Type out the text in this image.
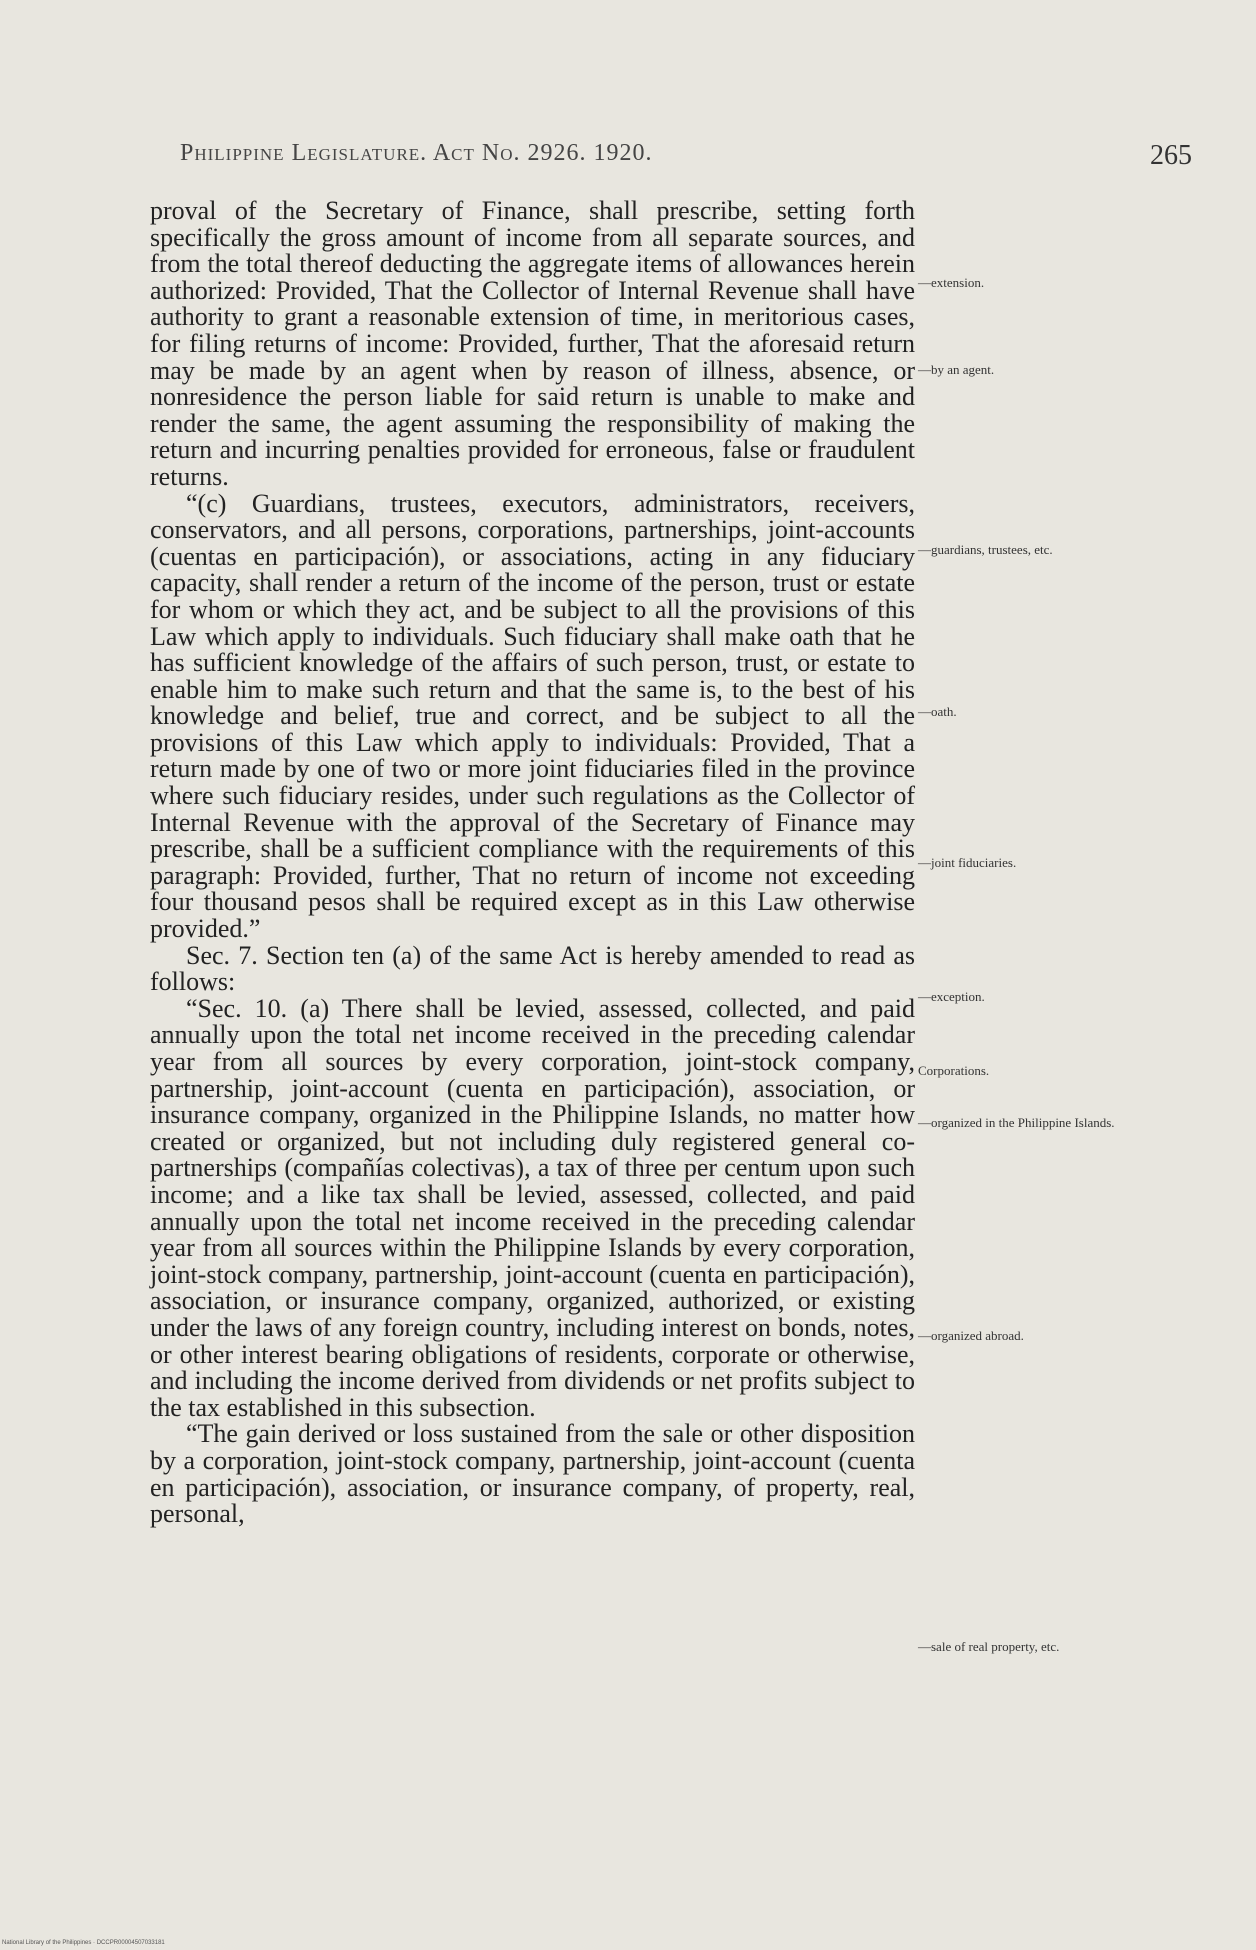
Philippine Legislature. Act No. 2926. 1920.	265

proval of the Secretary of Finance, shall prescribe, setting forth specifically the gross amount of income from all separate sources, and from the total thereof deducting the aggregate items of allowances herein authorized: Provided, That the Collector of Internal Revenue shall have authority to grant a reasonable extension of time, in meritorious cases, for filing returns of income: Provided, further, That the aforesaid return may be made by an agent when by reason of illness, absence, or nonresidence the person liable for said return is unable to make and render the same, the agent assuming the responsibility of making the return and incurring penalties provided for erroneous, false or fraudulent returns.

“(c) Guardians, trustees, executors, administrators, receivers, conservators, and all persons, corporations, partnerships, joint-accounts (cuentas en participación), or associations, acting in any fiduciary capacity, shall render a return of the income of the person, trust or estate for whom or which they act, and be subject to all the provisions of this Law which apply to individuals. Such fiduciary shall make oath that he has sufficient knowledge of the affairs of such person, trust, or estate to enable him to make such return and that the same is, to the best of his knowledge and belief, true and correct, and be subject to all the provisions of this Law which apply to individuals: Provided, That a return made by one of two or more joint fiduciaries filed in the province where such fiduciary resides, under such regulations as the Collector of Internal Revenue with the approval of the Secretary of Finance may prescribe, shall be a sufficient compliance with the requirements of this paragraph: Provided, further, That no return of income not exceeding four thousand pesos shall be required except as in this Law otherwise provided.”

Sec. 7. Section ten (a) of the same Act is hereby amended to read as follows:

“Sec. 10. (a) There shall be levied, assessed, collected, and paid annually upon the total net income received in the preceding calendar year from all sources by every corporation, joint-stock company, partnership, joint-account (cuenta en participación), association, or insurance company, organized in the Philippine Islands, no matter how created or organized, but not including duly registered general co-partnerships (compañías colectivas), a tax of three per centum upon such income; and a like tax shall be levied, assessed, collected, and paid annually upon the total net income received in the preceding calendar year from all sources within the Philippine Islands by every corporation, joint-stock company, partnership, joint-account (cuenta en participación), association, or insurance company, organized, authorized, or existing under the laws of any foreign country, including interest on bonds, notes, or other interest bearing obligations of residents, corporate or otherwise, and including the income derived from dividends or net profits subject to the tax established in this subsection.

“The gain derived or loss sustained from the sale or other disposition by a corporation, joint-stock company, partnership, joint-account (cuenta en participación), association, or insurance company, of property, real, personal,

—extension.
—by an agent.
—guardians, trustees, etc.
—oath.
—joint fiduciaries.
—exception.
Corporations.
—organized in the Philippine Islands.
—organized abroad.
—sale of real property, etc.
National Library of the Philippines · DCCPR00004507033181
